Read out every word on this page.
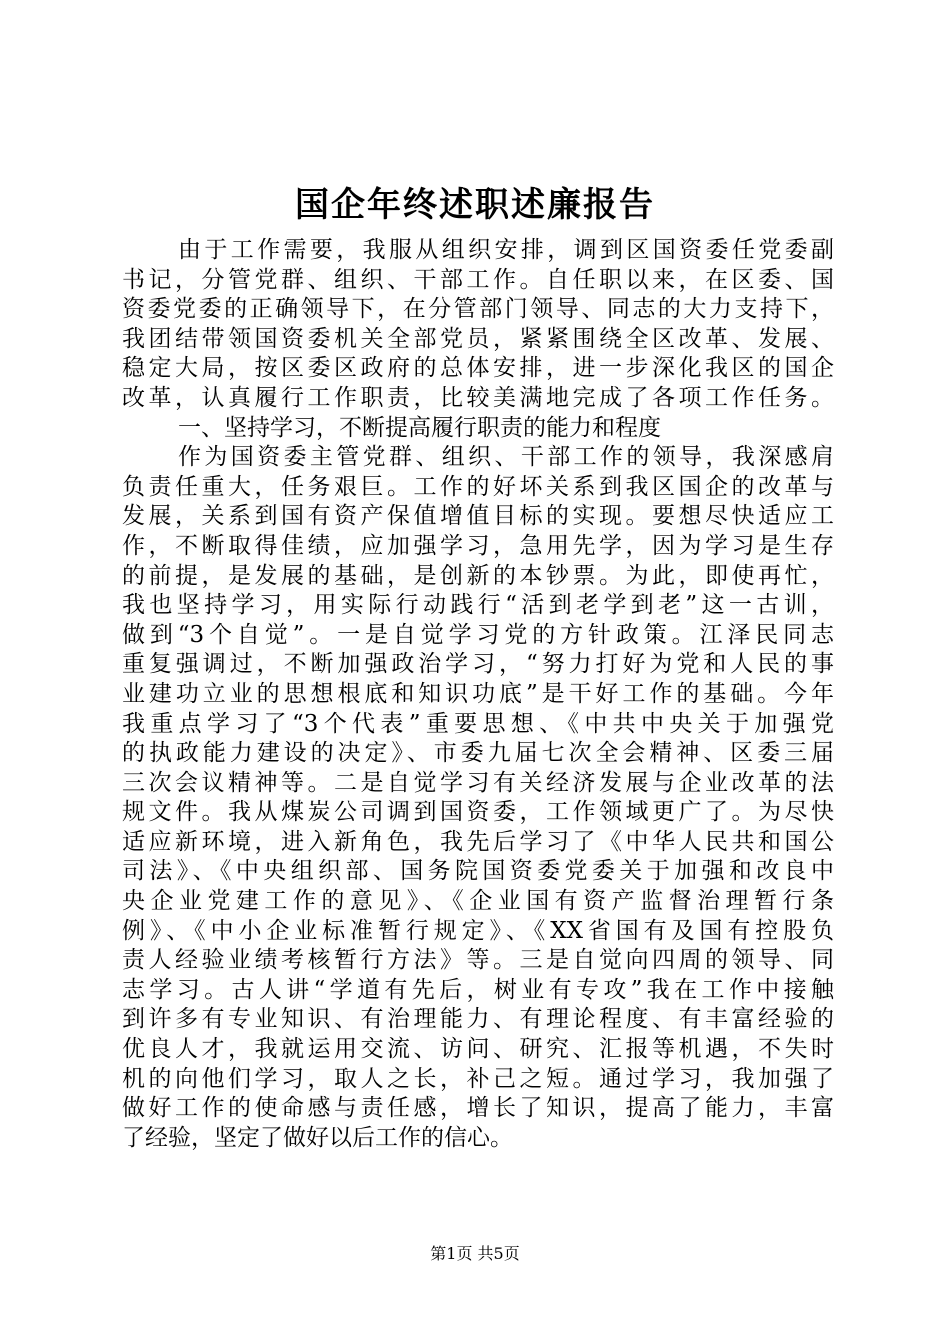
国企年终述职述廉报告
由于工作需要，我服从组织安排，调到区国资委任党委副
书记，分管党群、组织、干部工作。自任职以来，在区委、国
资委党委的正确领导下，在分管部门领导、同志的大力支持下，
我团结带领国资委机关全部党员，紧紧围绕全区改革、发展、
稳定大局，按区委区政府的总体安排，进一步深化我区的国企
改革，认真履行工作职责，比较美满地完成了各项工作任务。
一、坚持学习，不断提高履行职责的能力和程度
作为国资委主管党群、组织、干部工作的领导，我深感肩
负责任重大，任务艰巨。工作的好坏关系到我区国企的改革与
发展，关系到国有资产保值增值目标的实现。要想尽快适应工
作，不断取得佳绩，应加强学习，急用先学，因为学习是生存
的前提，是发展的基础，是创新的本钞票。为此，即使再忙，
我也坚持学习，用实际行动践行“活到老学到老”这一古训，
做到“3个自觉”。一是自觉学习党的方针政策。江泽民同志
重复强调过，不断加强政治学习，“努力打好为党和人民的事
业建功立业的思想根底和知识功底”是干好工作的基础。今年
我重点学习了“3个代表”重要思想、《中共中央关于加强党
的执政能力建设的决定》、市委九届七次全会精神、区委三届
三次会议精神等。二是自觉学习有关经济发展与企业改革的法
规文件。我从煤炭公司调到国资委，工作领域更广了。为尽快
适应新环境，进入新角色，我先后学习了《中华人民共和国公
司法》、《中央组织部、国务院国资委党委关于加强和改良中
央企业党建工作的意见》、《企业国有资产监督治理暂行条
例》、《中小企业标准暂行规定》、《XX省国有及国有控股负
责人经验业绩考核暂行方法》等。三是自觉向四周的领导、同
志学习。古人讲“学道有先后，树业有专攻”我在工作中接触
到许多有专业知识、有治理能力、有理论程度、有丰富经验的
优良人才，我就运用交流、访问、研究、汇报等机遇，不失时
机的向他们学习，取人之长，补己之短。通过学习，我加强了
做好工作的使命感与责任感，增长了知识，提高了能力，丰富
了经验，坚定了做好以后工作的信心。
第1页 共5页
